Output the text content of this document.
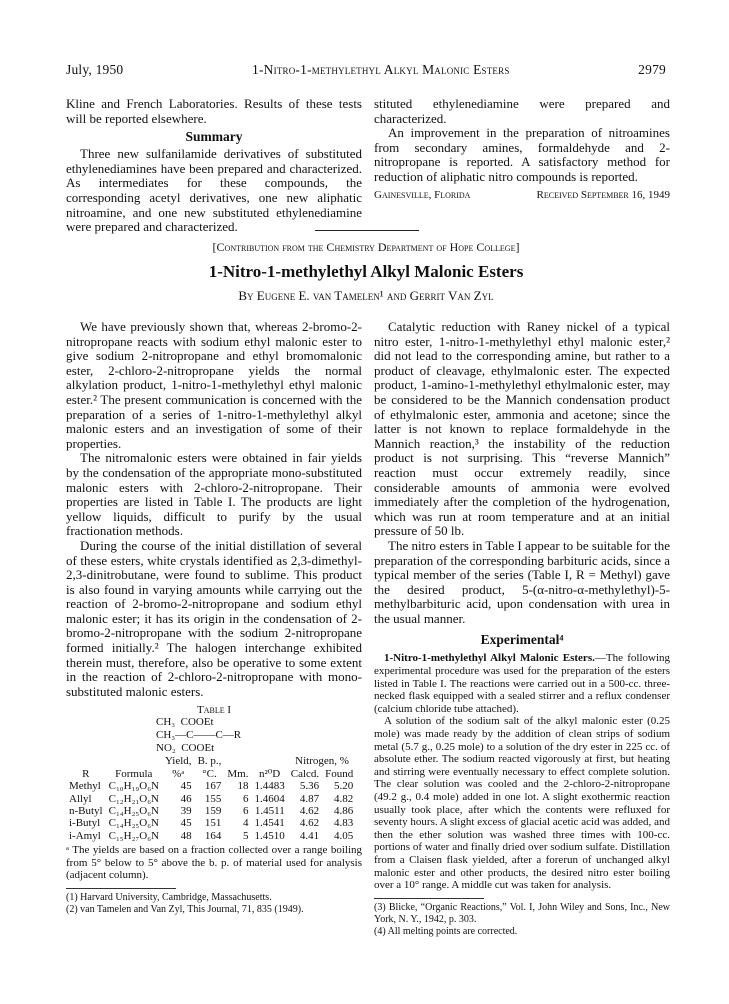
July, 1950	1-Nitro-1-methylethyl Alkyl Malonic Esters	2979

Kline and French Laboratories. Results of these tests will be reported elsewhere.

Summary

Three new sulfanilamide derivatives of substituted ethylenediamines have been prepared and characterized. As intermediates for these compounds, the corresponding acetyl derivatives, one new aliphatic nitroamine, and one new substituted ethylenediamine were prepared and characterized.

stituted ethylenediamine were prepared and characterized.

An improvement in the preparation of nitroamines from secondary amines, formaldehyde and 2-nitropropane is reported. A satisfactory method for reduction of aliphatic nitro compounds is reported.

Gainesville, Florida	Received September 16, 1949
[Contribution from the Chemistry Department of Hope College]
1-Nitro-1-methylethyl Alkyl Malonic Esters
By Eugene E. van Tamelen¹ and Gerrit Van Zyl

We have previously shown that, whereas 2-bromo-2-nitropropane reacts with sodium ethyl malonic ester to give sodium 2-nitropropane and ethyl bromomalonic ester, 2-chloro-2-nitropropane yields the normal alkylation product, 1-nitro-1-methylethyl ethyl malonic ester.² The present communication is concerned with the preparation of a series of 1-nitro-1-methylethyl alkyl malonic esters and an investigation of some of their properties.

The nitromalonic esters were obtained in fair yields by the condensation of the appropriate mono-substituted malonic esters with 2-chloro-2-nitropropane. Their properties are listed in Table I. The products are light yellow liquids, difficult to purify by the usual fractionation methods.

During the course of the initial distillation of several of these esters, white crystals identified as 2,3-dimethyl-2,3-dinitrobutane, were found to sublime. This product is also found in varying amounts while carrying out the reaction of 2-bromo-2-nitropropane and sodium ethyl malonic ester; it has its origin in the condensation of 2-bromo-2-nitropropane with the sodium 2-nitropropane formed initially.² The halogen interchange exhibited therein must, therefore, also be operative to some extent in the reaction of 2-chloro-2-nitropropane with mono-substituted malonic esters.

Table I
CH₃  COOEt
CH₃—C——C—R
NO₂  COOEt
		Yield,	B. p.,			Nitrogen, %	
R	Formula	%ᵃ	°C.	Mm.	n²⁰D	Calcd.	Found
Methyl	C₁₀H₁₉O₆N	45	167	18	1.4483	5.36	5.20
Allyl	C₁₂H₂₁O₆N	46	155	6	1.4604	4.87	4.82
n-Butyl	C₁₄H₂₅O₆N	39	159	6	1.4511	4.62	4.86
i-Butyl	C₁₄H₂₅O₆N	45	151	4	1.4541	4.62	4.83
i-Amyl	C₁₅H₂₇O₆N	48	164	5	1.4510	4.41	4.05
ᵃ The yields are based on a fraction collected over a range boiling from 5° below to 5° above the b. p. of material used for analysis (adjacent column).

(1) Harvard University, Cambridge, Massachusetts.

(2) van Tamelen and Van Zyl, This Journal, 71, 835 (1949).

Catalytic reduction with Raney nickel of a typical nitro ester, 1-nitro-1-methylethyl ethyl malonic ester,² did not lead to the corresponding amine, but rather to a product of cleavage, ethylmalonic ester. The expected product, 1-amino-1-methylethyl ethylmalonic ester, may be considered to be the Mannich condensation product of ethylmalonic ester, ammonia and acetone; since the latter is not known to replace formaldehyde in the Mannich reaction,³ the instability of the reduction product is not surprising. This “reverse Mannich” reaction must occur extremely readily, since considerable amounts of ammonia were evolved immediately after the completion of the hydrogenation, which was run at room temperature and at an initial pressure of 50 lb.

The nitro esters in Table I appear to be suitable for the preparation of the corresponding barbituric acids, since a typical member of the series (Table I, R = Methyl) gave the desired product, 5-(α-nitro-α-methylethyl)-5-methylbarbituric acid, upon condensation with urea in the usual manner.

Experimental⁴
1-Nitro-1-methylethyl Alkyl Malonic Esters.—The following experimental procedure was used for the preparation of the esters listed in Table I. The reactions were carried out in a 500-cc. three-necked flask equipped with a sealed stirrer and a reflux condenser (calcium chloride tube attached).
A solution of the sodium salt of the alkyl malonic ester (0.25 mole) was made ready by the addition of clean strips of sodium metal (5.7 g., 0.25 mole) to a solution of the dry ester in 225 cc. of absolute ether. The sodium reacted vigorously at first, but heating and stirring were eventually necessary to effect complete solution. The clear solution was cooled and the 2-chloro-2-nitropropane (49.2 g., 0.4 mole) added in one lot. A slight exothermic reaction usually took place, after which the contents were refluxed for seventy hours. A slight excess of glacial acetic acid was added, and then the ether solution was washed three times with 100-cc. portions of water and finally dried over sodium sulfate. Distillation from a Claisen flask yielded, after a forerun of unchanged alkyl malonic ester and other products, the desired nitro ester boiling over a 10° range. A middle cut was taken for analysis.

(3) Blicke, “Organic Reactions,” Vol. I, John Wiley and Sons, Inc., New York, N. Y., 1942, p. 303.

(4) All melting points are corrected.
